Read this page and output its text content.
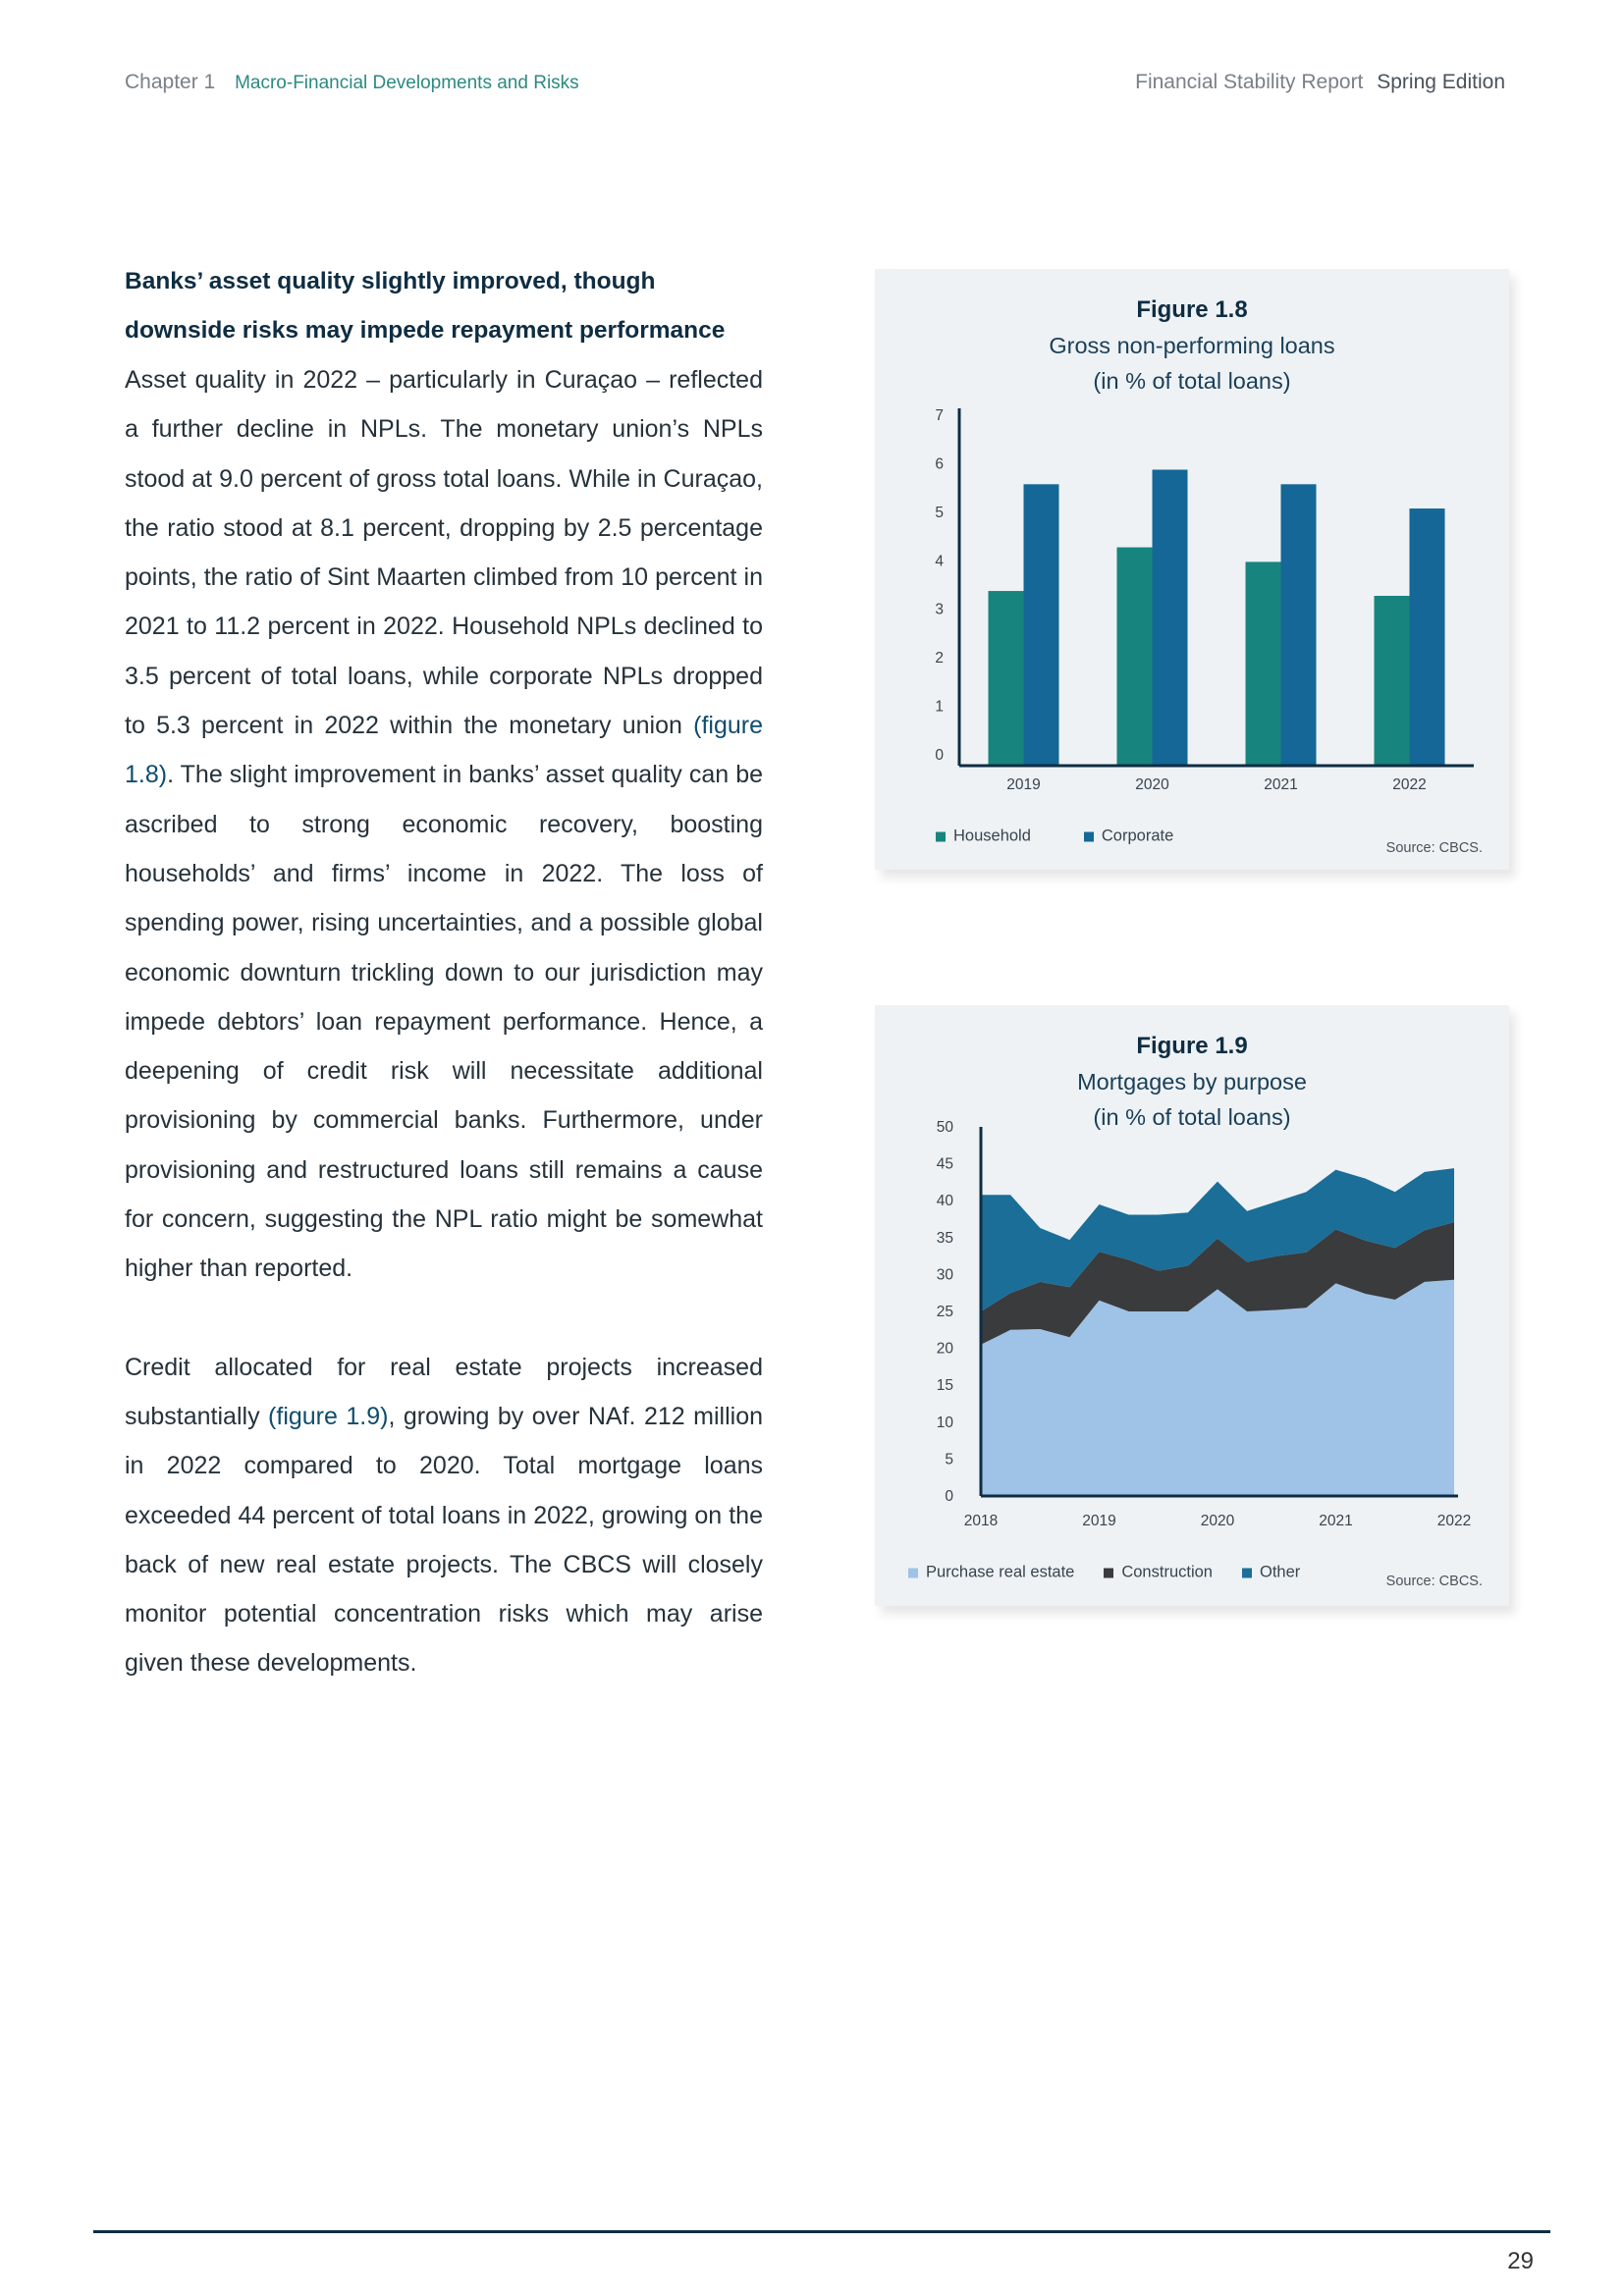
Chapter 1 Macro-Financial Developments and Risks	Financial Stability Report Spring Edition

Banks’ asset quality slightly improved, though downside risks may impede repayment performance

Asset quality in 2022 – particularly in Curaçao – reflected a further decline in NPLs. The monetary union’s NPLs stood at 9.0 percent of gross total loans. While in Curaçao, the ratio stood at 8.1 percent, dropping by 2.5 percentage points, the ratio of Sint Maarten climbed from 10 percent in 2021 to 11.2 percent in 2022. Household NPLs declined to 3.5 percent of total loans, while corporate NPLs dropped to 5.3 percent in 2022 within the monetary union (figure 1.8). The slight improvement in banks’ asset quality can be ascribed to strong economic recovery, boosting households’ and firms’ income in 2022. The loss of spending power, rising uncertainties, and a possible global economic downturn trickling down to our jurisdiction may impede debtors’ loan repayment performance. Hence, a deepening of credit risk will necessitate additional provisioning by commercial banks. Furthermore, under provisioning and restructured loans still remains a cause for concern, suggesting the NPL ratio might be somewhat higher than reported.

Credit allocated for real estate projects increased substantially (figure 1.9), growing by over NAf. 212 million in 2022 compared to 2020. Total mortgage loans exceeded 44 percent of total loans in 2022, growing on the back of new real estate projects. The CBCS will closely monitor potential concentration risks which may arise given these developments.

Figure 1.8
Gross non-performing loans
(in % of total loans)
2019	2020	2021	2022
0
1
2
3
4
5
6
7
Household	Corporate
Source: CBCS.
Figure 1.9
Mortgages by purpose
(in % of total loans)
0
5
10
15
20
25
30
35
40
45
50
2018	2019	2020	2021	2022
Purchase real estate	Construction	Other
Source: CBCS.
29
